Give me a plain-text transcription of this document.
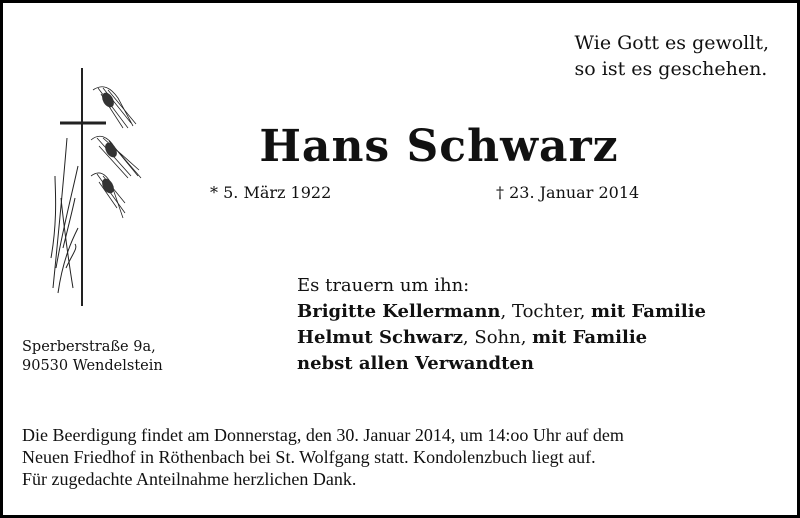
Wie Gott es gewollt,
so ist es geschehen.
Hans Schwarz
* 5. März 1922	† 23. Januar 2014
Es trauern um ihn:
Brigitte Kellermann, Tochter, mit Familie
Helmut Schwarz, Sohn, mit Familie
nebst allen Verwandten
Sperberstraße 9a,
90530 Wendelstein
Die Beerdigung findet am Donnerstag, den 30. Januar 2014, um 14:oo Uhr auf dem
Neuen Friedhof in Röthenbach bei St. Wolfgang statt. Kondolenzbuch liegt auf.
Für zugedachte Anteilnahme herzlichen Dank.
